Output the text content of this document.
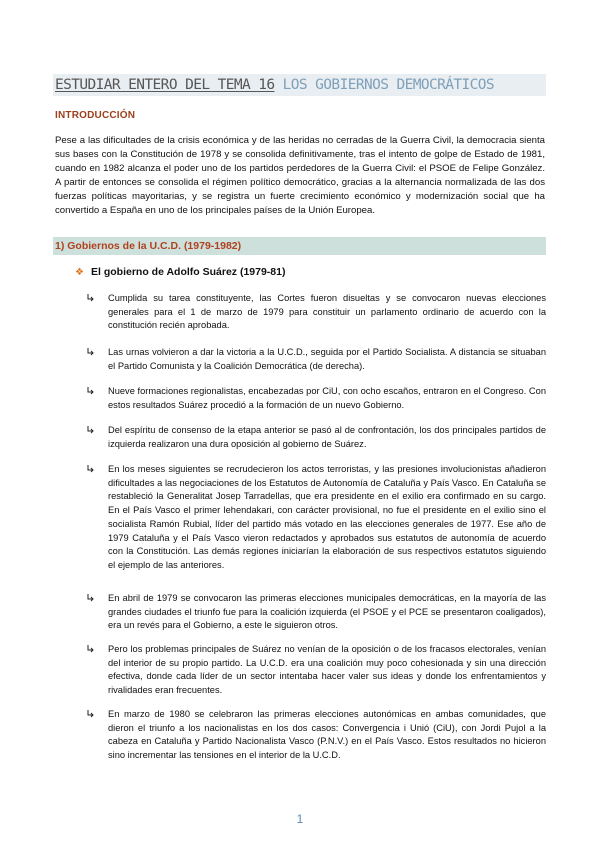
ESTUDIAR ENTERO DEL TEMA 16 LOS GOBIERNOS DEMOCRÁTICOS
INTRODUCCIÓN

Pese a las dificultades de la crisis económica y de las heridas no cerradas de la Guerra Civil, la democracia sienta sus bases con la Constitución de 1978 y se consolida definitivamente, tras el intento de golpe de Estado de 1981, cuando en 1982 alcanza el poder uno de los partidos perdedores de la Guerra Civil: el PSOE de Felipe González. A partir de entonces se consolida el régimen político democrático, gracias a la alternancia normalizada de las dos fuerzas políticas mayoritarias, y se registra un fuerte crecimiento económico y modernización social que ha convertido a España en uno de los principales países de la Unión Europea.

1) Gobiernos de la U.C.D. (1979-1982)
❖ El gobierno de Adolfo Suárez (1979-81)

Cumplida su tarea constituyente, las Cortes fueron disueltas y se convocaron nuevas elecciones generales para el 1 de marzo de 1979 para constituir un parlamento ordinario de acuerdo con la constitución recién aprobada.

Las urnas volvieron a dar la victoria a la U.C.D., seguida por el Partido Socialista. A distancia se situaban el Partido Comunista y la Coalición Democrática (de derecha).

Nueve formaciones regionalistas, encabezadas por CiU, con ocho escaños, entraron en el Congreso. Con estos resultados Suárez procedió a la formación de un nuevo Gobierno.

Del espíritu de consenso de la etapa anterior se pasó al de confrontación, los dos principales partidos de izquierda realizaron una dura oposición al gobierno de Suárez.

En los meses siguientes se recrudecieron los actos terroristas, y las presiones involucionistas añadieron dificultades a las negociaciones de los Estatutos de Autonomía de Cataluña y País Vasco. En Cataluña se restableció la Generalitat Josep Tarradellas, que era presidente en el exilio era confirmado en su cargo. En el País Vasco el primer lehendakari, con carácter provisional, no fue el presidente en el exilio sino el socialista Ramón Rubial, líder del partido más votado en las elecciones generales de 1977. Ese año de 1979 Cataluña y el País Vasco vieron redactados y aprobados sus estatutos de autonomía de acuerdo con la Constitución. Las demás regiones iniciarían la elaboración de sus respectivos estatutos siguiendo el ejemplo de las anteriores.

En abril de 1979 se convocaron las primeras elecciones municipales democráticas, en la mayoría de las grandes ciudades el triunfo fue para la coalición izquierda (el PSOE y el PCE se presentaron coaligados), era un revés para el Gobierno, a este le siguieron otros.

Pero los problemas principales de Suárez no venían de la oposición o de los fracasos electorales, venían del interior de su propio partido. La U.C.D. era una coalición muy poco cohesionada y sin una dirección efectiva, donde cada líder de un sector intentaba hacer valer sus ideas y donde los enfrentamientos y rivalidades eran frecuentes.

En marzo de 1980 se celebraron las primeras elecciones autonómicas en ambas comunidades, que dieron el triunfo a los nacionalistas en los dos casos: Convergencia i Unió (CiU), con Jordi Pujol a la cabeza en Cataluña y Partido Nacionalista Vasco (P.N.V.) en el País Vasco. Estos resultados no hicieron sino incrementar las tensiones en el interior de la U.C.D.

1
